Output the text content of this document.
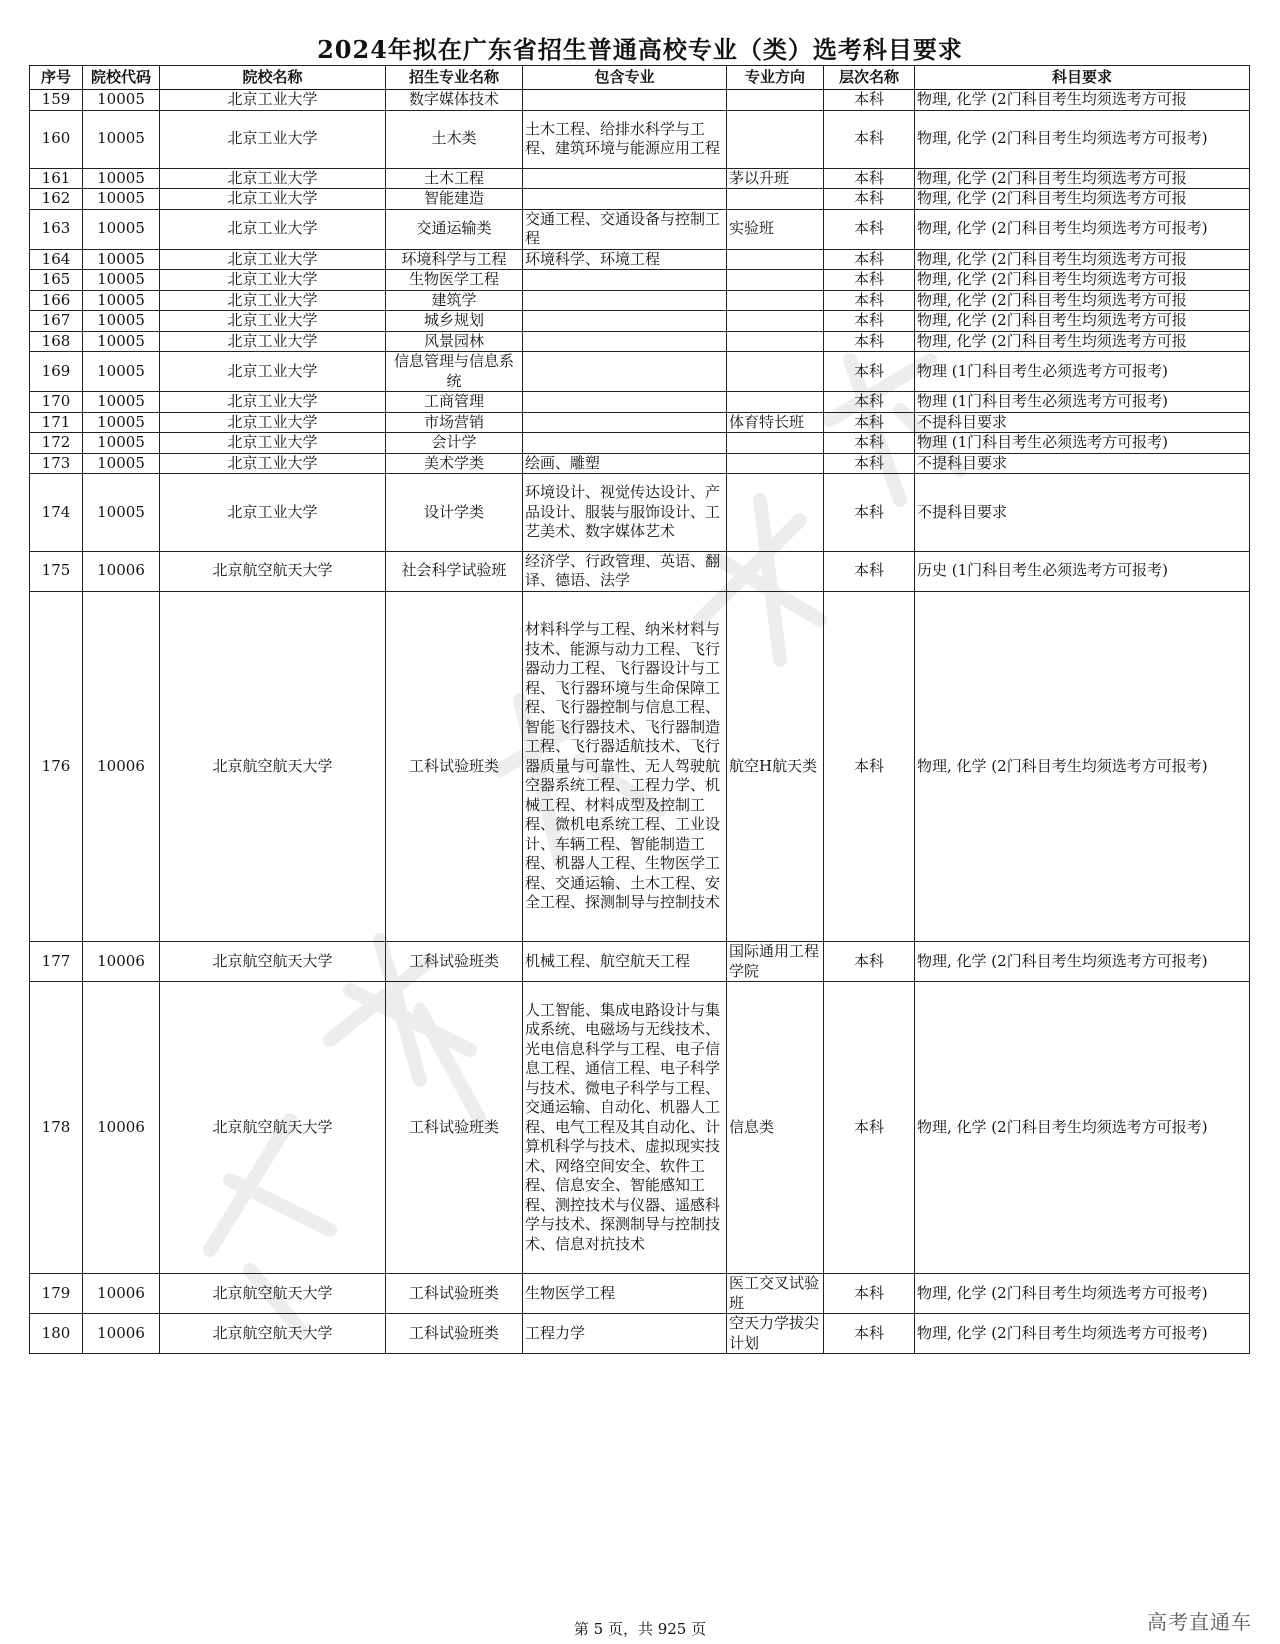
2024年拟在广东省招生普通高校专业（类）选考科目要求
序号	院校代码	院校名称	招生专业名称	包含专业	专业方向	层次名称	科目要求
159	10005	北京工业大学	数字媒体技术			本科	物理, 化学 (2门科目考生均须选考方可报
160	10005	北京工业大学	土木类	土木工程、给排水科学与工程、建筑环境与能源应用工程		本科	物理, 化学 (2门科目考生均须选考方可报考)
161	10005	北京工业大学	土木工程		茅以升班	本科	物理, 化学 (2门科目考生均须选考方可报
162	10005	北京工业大学	智能建造			本科	物理, 化学 (2门科目考生均须选考方可报
163	10005	北京工业大学	交通运输类	交通工程、交通设备与控制工程	实验班	本科	物理, 化学 (2门科目考生均须选考方可报考)
164	10005	北京工业大学	环境科学与工程	环境科学、环境工程		本科	物理, 化学 (2门科目考生均须选考方可报
165	10005	北京工业大学	生物医学工程			本科	物理, 化学 (2门科目考生均须选考方可报
166	10005	北京工业大学	建筑学			本科	物理, 化学 (2门科目考生均须选考方可报
167	10005	北京工业大学	城乡规划			本科	物理, 化学 (2门科目考生均须选考方可报
168	10005	北京工业大学	风景园林			本科	物理, 化学 (2门科目考生均须选考方可报
169	10005	北京工业大学	信息管理与信息系统			本科	物理 (1门科目考生必须选考方可报考)
170	10005	北京工业大学	工商管理			本科	物理 (1门科目考生必须选考方可报考)
171	10005	北京工业大学	市场营销		体育特长班	本科	不提科目要求
172	10005	北京工业大学	会计学			本科	物理 (1门科目考生必须选考方可报考)
173	10005	北京工业大学	美术学类	绘画、雕塑		本科	不提科目要求
174	10005	北京工业大学	设计学类	环境设计、视觉传达设计、产品设计、服装与服饰设计、工艺美术、数字媒体艺术		本科	不提科目要求
175	10006	北京航空航天大学	社会科学试验班	经济学、行政管理、英语、翻译、德语、法学		本科	历史 (1门科目考生必须选考方可报考)
176	10006	北京航空航天大学	工科试验班类	材料科学与工程、纳米材料与技术、能源与动力工程、飞行器动力工程、飞行器设计与工程、飞行器环境与生命保障工程、飞行器控制与信息工程、智能飞行器技术、飞行器制造工程、飞行器适航技术、飞行器质量与可靠性、无人驾驶航空器系统工程、工程力学、机械工程、材料成型及控制工程、微机电系统工程、工业设计、车辆工程、智能制造工程、机器人工程、生物医学工程、交通运输、土木工程、安全工程、探测制导与控制技术	航空H航天类	本科	物理, 化学 (2门科目考生均须选考方可报考)
177	10006	北京航空航天大学	工科试验班类	机械工程、航空航天工程	国际通用工程学院	本科	物理, 化学 (2门科目考生均须选考方可报考)
178	10006	北京航空航天大学	工科试验班类	人工智能、集成电路设计与集成系统、电磁场与无线技术、光电信息科学与工程、电子信息工程、通信工程、电子科学与技术、微电子科学与工程、交通运输、自动化、机器人工程、电气工程及其自动化、计算机科学与技术、虚拟现实技术、网络空间安全、软件工程、信息安全、智能感知工程、测控技术与仪器、遥感科学与技术、探测制导与控制技术、信息对抗技术	信息类	本科	物理, 化学 (2门科目考生均须选考方可报考)
179	10006	北京航空航天大学	工科试验班类	生物医学工程	医工交叉试验班	本科	物理, 化学 (2门科目考生均须选考方可报考)
180	10006	北京航空航天大学	工科试验班类	工程力学	空天力学拔尖计划	本科	物理, 化学 (2门科目考生均须选考方可报考)
第 5 页，共 925 页	高考直通车
